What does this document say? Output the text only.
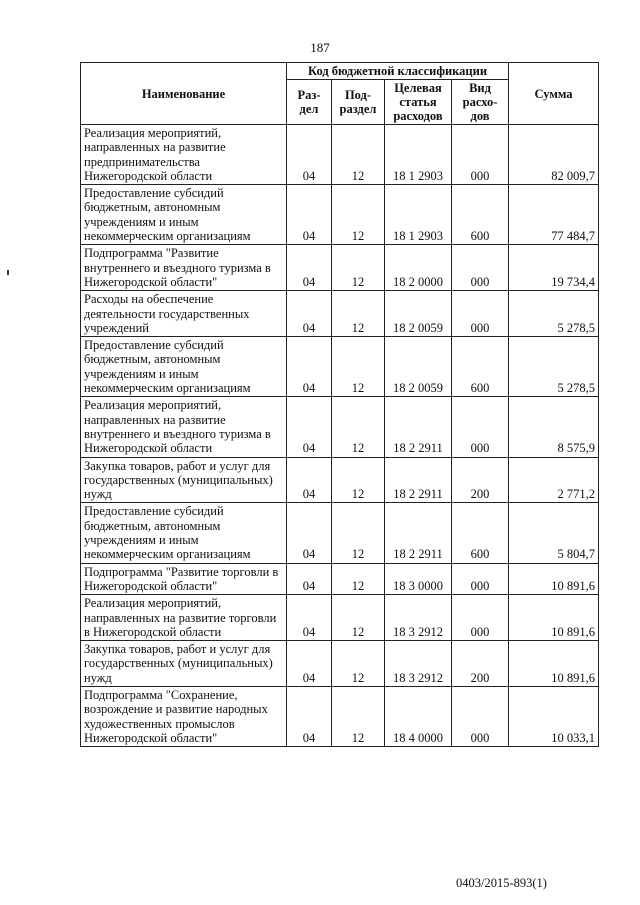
187
Наименование	Код бюджетной классификации				Сумма
	Раз-дел	Под-раздел	Целевая статья расходов	Вид расхо-дов	
Реализация мероприятий, направленных на развитие предпринимательства Нижегородской области	04	12	18 1 2903	000	82 009,7
Предоставление субсидий бюджетным, автономным учреждениям и иным некоммерческим организациям	04	12	18 1 2903	600	77 484,7
Подпрограмма "Развитие внутреннего и въездного туризма в Нижегородской области"	04	12	18 2 0000	000	19 734,4
Расходы на обеспечение деятельности государственных учреждений	04	12	18 2 0059	000	5 278,5
Предоставление субсидий бюджетным, автономным учреждениям и иным некоммерческим организациям	04	12	18 2 0059	600	5 278,5
Реализация мероприятий, направленных на развитие внутреннего и въездного туризма в Нижегородской области	04	12	18 2 2911	000	8 575,9
Закупка товаров, работ и услуг для государственных (муниципальных) нужд	04	12	18 2 2911	200	2 771,2
Предоставление субсидий бюджетным, автономным учреждениям и иным некоммерческим организациям	04	12	18 2 2911	600	5 804,7
Подпрограмма "Развитие торговли в Нижегородской области"	04	12	18 3 0000	000	10 891,6
Реализация мероприятий, направленных на развитие торговли в Нижегородской области	04	12	18 3 2912	000	10 891,6
Закупка товаров, работ и услуг для государственных (муниципальных) нужд	04	12	18 3 2912	200	10 891,6
Подпрограмма "Сохранение, возрождение и развитие народных художественных промыслов Нижегородской области"	04	12	18 4 0000	000	10 033,1
0403/2015-893(1)
